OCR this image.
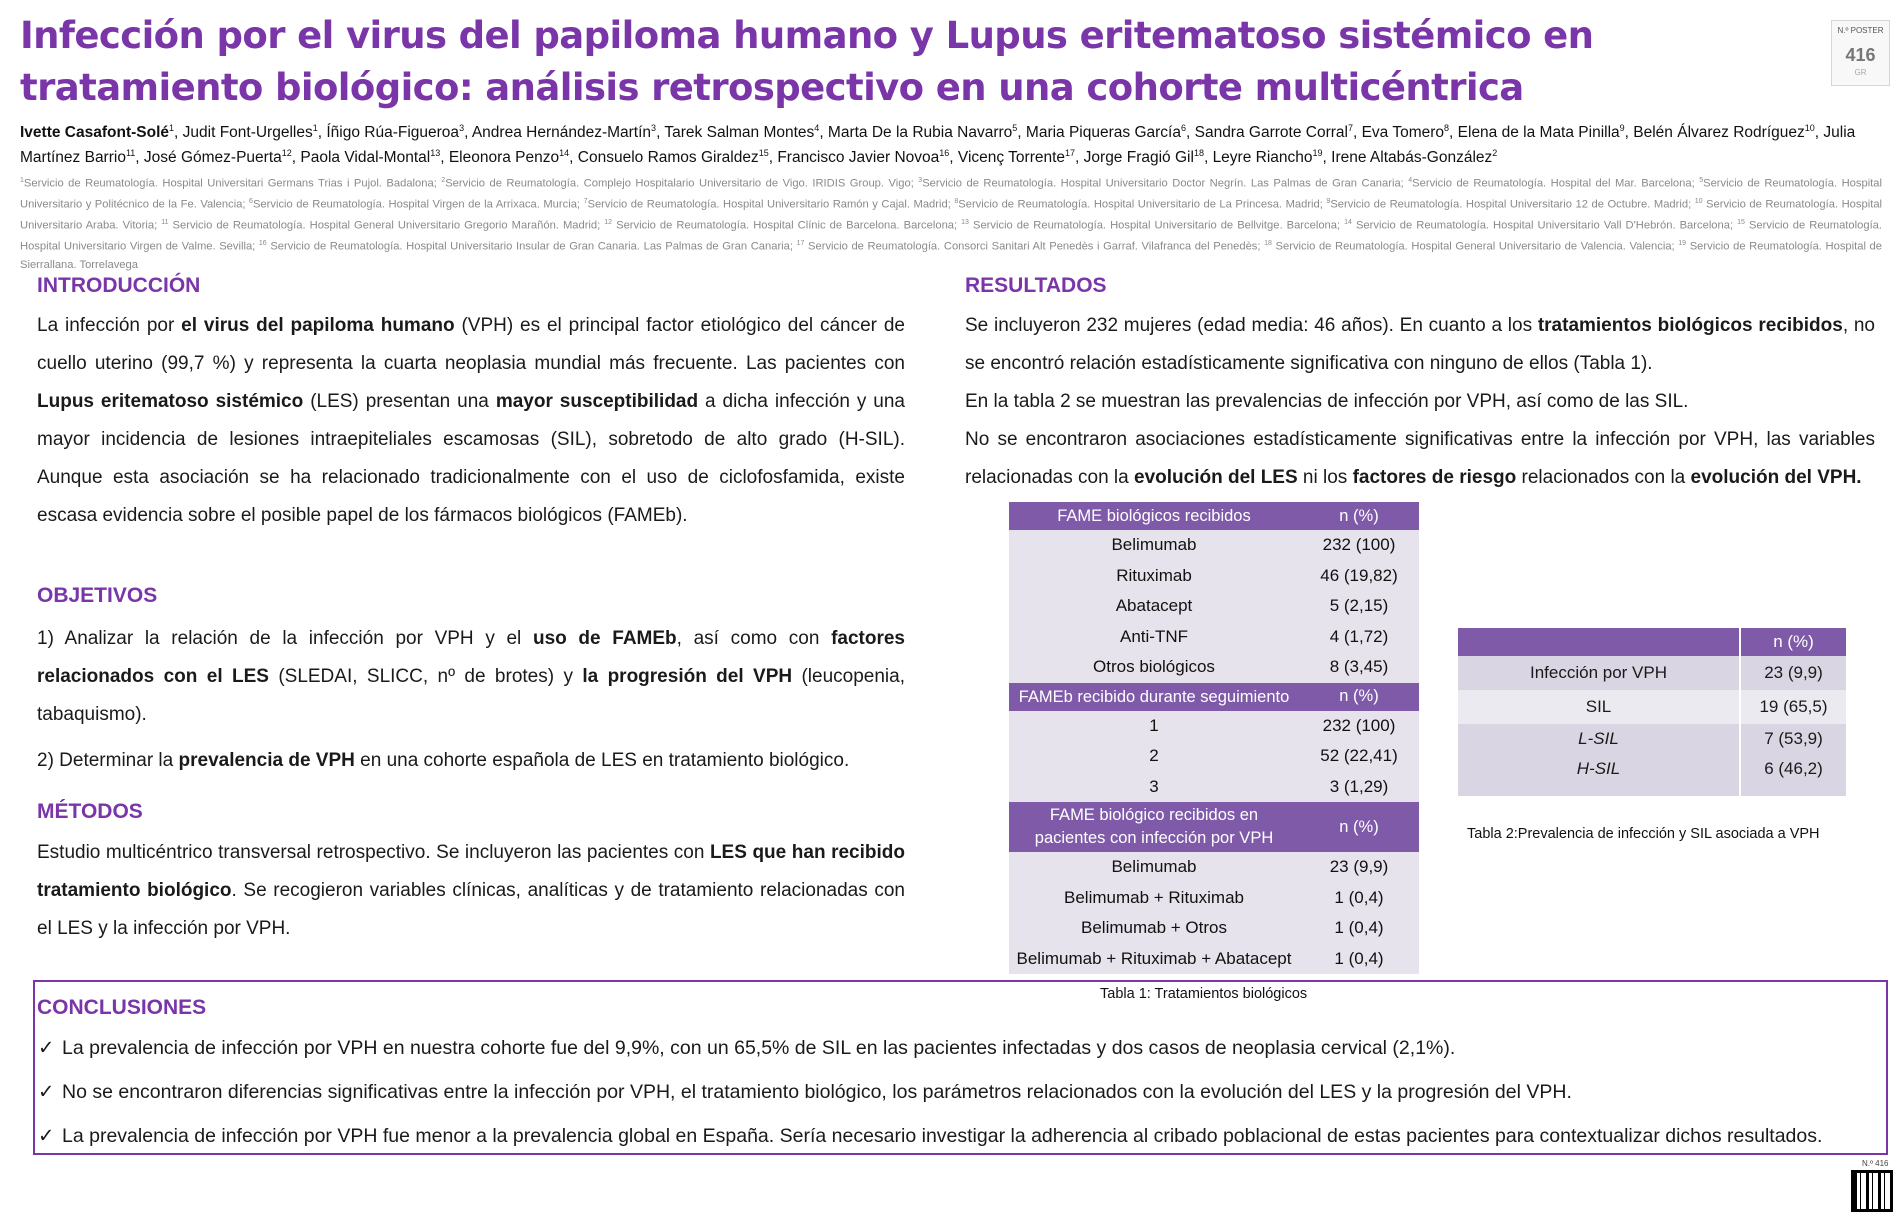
Infección por el virus del papiloma humano y Lupus eritematoso sistémico en tratamiento biológico: análisis retrospectivo en una cohorte multicéntrica
N.º POSTER
416
GR
Ivette Casafont-Solé$^1$, Judit Font-Urgelles$^1$, Íñigo Rúa-Figueroa$^3$, Andrea Hernández-Martín$^3$, Tarek Salman Montes$^4$, Marta De la Rubia Navarro$^5$, Maria Piqueras García$^6$, Sandra Garrote Corral$^7$, Eva Tomero$^8$, Elena de la Mata Pinilla$^9$, Belén Álvarez Rodríguez$^{10}$, Julia Martínez Barrio$^{11}$, José Gómez-Puerta$^{12}$, Paola Vidal-Montal$^{13}$, Eleonora Penzo$^{14}$, Consuelo Ramos Giraldez$^{15}$, Francisco Javier Novoa$^{16}$, Vicenç Torrente$^{17}$, Jorge Fragió Gil$^{18}$, Leyre Riancho$^{19}$, Irene Altabás-González$^2$
$^1$Servicio de Reumatología. Hospital Universitari Germans Trias i Pujol. Badalona; $^2$Servicio de Reumatología. Complejo Hospitalario Universitario de Vigo. IRIDIS Group. Vigo; $^3$Servicio de Reumatología. Hospital Universitario Doctor Negrín. Las Palmas de Gran Canaria; $^4$Servicio de Reumatología. Hospital del Mar. Barcelona; $^5$Servicio de Reumatología. Hospital Universitario y Politécnico de la Fe. Valencia; $^6$Servicio de Reumatología. Hospital Virgen de la Arrixaca. Murcia; $^7$Servicio de Reumatología. Hospital Universitario Ramón y Cajal. Madrid; $^8$Servicio de Reumatología. Hospital Universitario de La Princesa. Madrid; $^9$Servicio de Reumatología. Hospital Universitario 12 de Octubre. Madrid; $^{10}$ Servicio de Reumatología. Hospital Universitario Araba. Vitoria; $^{11}$ Servicio de Reumatología. Hospital General Universitario Gregorio Marañón. Madrid; $^{12}$ Servicio de Reumatología. Hospital Clínic de Barcelona. Barcelona; $^{13}$ Servicio de Reumatología. Hospital Universitario de Bellvitge. Barcelona; $^{14}$ Servicio de Reumatología. Hospital Universitario Vall D'Hebrón. Barcelona; $^{15}$ Servicio de Reumatología. Hospital Universitario Virgen de Valme. Sevilla; $^{16}$ Servicio de Reumatología. Hospital Universitario Insular de Gran Canaria. Las Palmas de Gran Canaria; $^{17}$ Servicio de Reumatología. Consorci Sanitari Alt Penedès i Garraf. Vilafranca del Penedès; $^{18}$ Servicio de Reumatología. Hospital General Universitario de Valencia. Valencia; $^{19}$ Servicio de Reumatología. Hospital de Sierrallana. Torrelavega
INTRODUCCIÓN
La infección por el virus del papiloma humano (VPH) es el principal factor etiológico del cáncer de cuello uterino (99,7 %) y representa la cuarta neoplasia mundial más frecuente. Las pacientes con Lupus eritematoso sistémico (LES) presentan una mayor susceptibilidad a dicha infección y una mayor incidencia de lesiones intraepiteliales escamosas (SIL), sobretodo de alto grado (H-SIL). Aunque esta asociación se ha relacionado tradicionalmente con el uso de ciclofosfamida, existe escasa evidencia sobre el posible papel de los fármacos biológicos (FAMEb).
OBJETIVOS

1) Analizar la relación de la infección por VPH y el uso de FAMEb, así como con factores relacionados con el LES (SLEDAI, SLICC, nº de brotes) y la progresión del VPH (leucopenia, tabaquismo).

2) Determinar la prevalencia de VPH en una cohorte española de LES en tratamiento biológico.

MÉTODOS
Estudio multicéntrico transversal retrospectivo. Se incluyeron las pacientes con LES que han recibido tratamiento biológico. Se recogieron variables clínicas, analíticas y de tratamiento relacionadas con el LES y la infección por VPH.
RESULTADOS

Se incluyeron 232 mujeres (edad media: 46 años). En cuanto a los tratamientos biológicos recibidos, no se encontró relación estadísticamente significativa con ninguno de ellos (Tabla 1).

En la tabla 2 se muestran las prevalencias de infección por VPH, así como de las SIL.

No se encontraron asociaciones estadísticamente significativas entre la infección por VPH, las variables relacionadas con la evolución del LES ni los factores de riesgo relacionados con la evolución del VPH.

FAME biológicos recibidos	n (%)
Belimumab	232 (100)
Rituximab	46 (19,82)
Abatacept	5 (2,15)
Anti-TNF	4 (1,72)
Otros biológicos	8 (3,45)
FAMEb recibido durante seguimiento	n (%)
1	232 (100)
2	52 (22,41)
3	3 (1,29)
FAME biológico recibidos en pacientes con infección por VPH	n (%)
Belimumab	23 (9,9)
Belimumab + Rituximab	1 (0,4)
Belimumab + Otros	1 (0,4)
Belimumab + Rituximab + Abatacept	1 (0,4)
Tabla 1: Tratamientos biológicos
	n (%)
Infección por VPH	23 (9,9)
SIL	19 (65,5)
L-SIL	7 (53,9)
H-SIL	6 (46,2)

Tabla 2:Prevalencia de infección y SIL asociada a VPH
CONCLUSIONES
✓ La prevalencia de infección por VPH en nuestra cohorte fue del 9,9%, con un 65,5% de SIL en las pacientes infectadas y dos casos de neoplasia cervical (2,1%).
✓ No se encontraron diferencias significativas entre la infección por VPH, el tratamiento biológico, los parámetros relacionados con la evolución del LES y la progresión del VPH.
✓ La prevalencia de infección por VPH fue menor a la prevalencia global en España. Sería necesario investigar la adherencia al cribado poblacional de estas pacientes para contextualizar dichos resultados.
N.º 416
